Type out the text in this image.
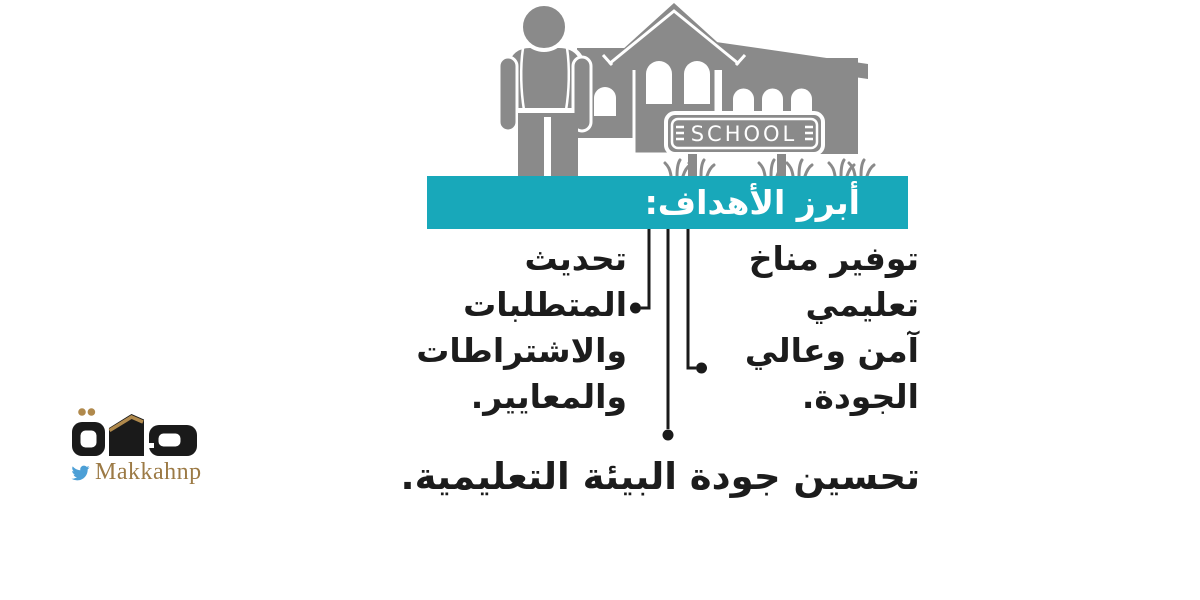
SCHOOL
أبرز الأهداف:
توفير مناخ
تعليمي
آمن وعالي
الجودة.
تحديث
المتطلبات
والاشتراطات
والمعايير.
تحسين جودة البيئة التعليمية.
Makkahnp
